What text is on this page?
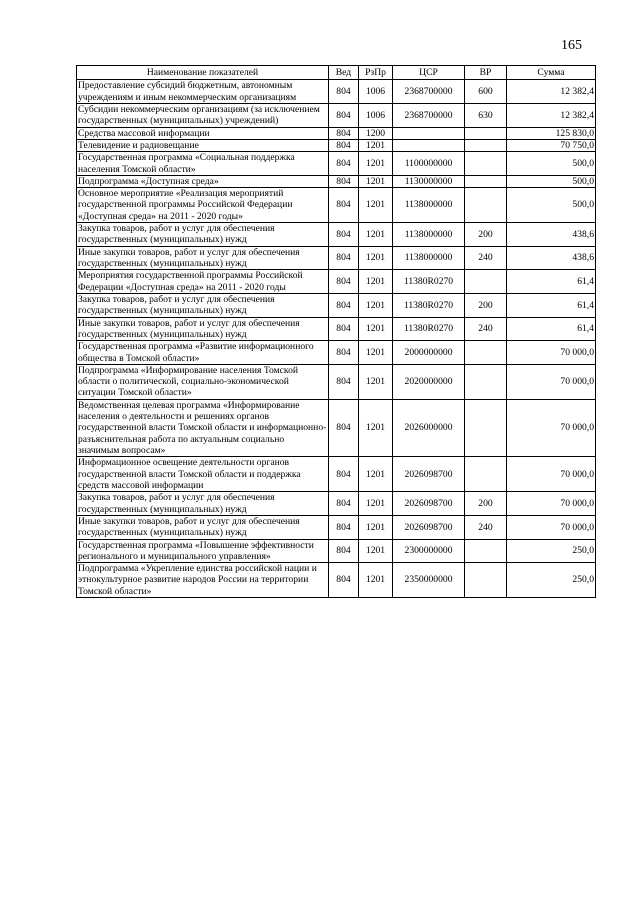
165
Наименование показателей	Вед	РзПр	ЦСР	ВР	Сумма
Предоставление субсидий бюджетным, автономным учреждениям и иным некоммерческим организациям	804	1006	2368700000	600	12 382,4
Субсидии некоммерческим организациям (за исключением государственных (муниципальных) учреждений)	804	1006	2368700000	630	12 382,4
Средства массовой информации	804	1200			125 830,0
Телевидение и радиовещание	804	1201			70 750,0
Государственная программа «Социальная поддержка населения Томской области»	804	1201	1100000000		500,0
Подпрограмма «Доступная среда»	804	1201	1130000000		500,0
Основное мероприятие «Реализация мероприятий государственной программы Российской Федерации «Доступная среда» на 2011 - 2020 годы»	804	1201	1138000000		500,0
Закупка товаров, работ и услуг для обеспечения государственных (муниципальных) нужд	804	1201	1138000000	200	438,6
Иные закупки товаров, работ и услуг для обеспечения государственных (муниципальных) нужд	804	1201	1138000000	240	438,6
Мероприятия государственной программы Российской Федерации «Доступная среда» на 2011 - 2020 годы	804	1201	11380R0270		61,4
Закупка товаров, работ и услуг для обеспечения государственных (муниципальных) нужд	804	1201	11380R0270	200	61,4
Иные закупки товаров, работ и услуг для обеспечения государственных (муниципальных) нужд	804	1201	11380R0270	240	61,4
Государственная программа «Развитие информационного общества в Томской области»	804	1201	2000000000		70 000,0
Подпрограмма «Информирование населения Томской области о политической, социально-экономической ситуации Томской области»	804	1201	2020000000		70 000,0
Ведомственная целевая программа «Информирование населения о деятельности и решениях органов государственной власти Томской области и информационно-разъяснительная работа по актуальным социально значимым вопросам»	804	1201	2026000000		70 000,0
Информационное освещение деятельности органов государственной власти Томской области и поддержка средств массовой информации	804	1201	2026098700		70 000,0
Закупка товаров, работ и услуг для обеспечения государственных (муниципальных) нужд	804	1201	2026098700	200	70 000,0
Иные закупки товаров, работ и услуг для обеспечения государственных (муниципальных) нужд	804	1201	2026098700	240	70 000,0
Государственная программа «Повышение эффективности регионального и муниципального управления»	804	1201	2300000000		250,0
Подпрограмма «Укрепление единства российской нации и этнокультурное развитие народов России на территории Томской области»	804	1201	2350000000		250,0
